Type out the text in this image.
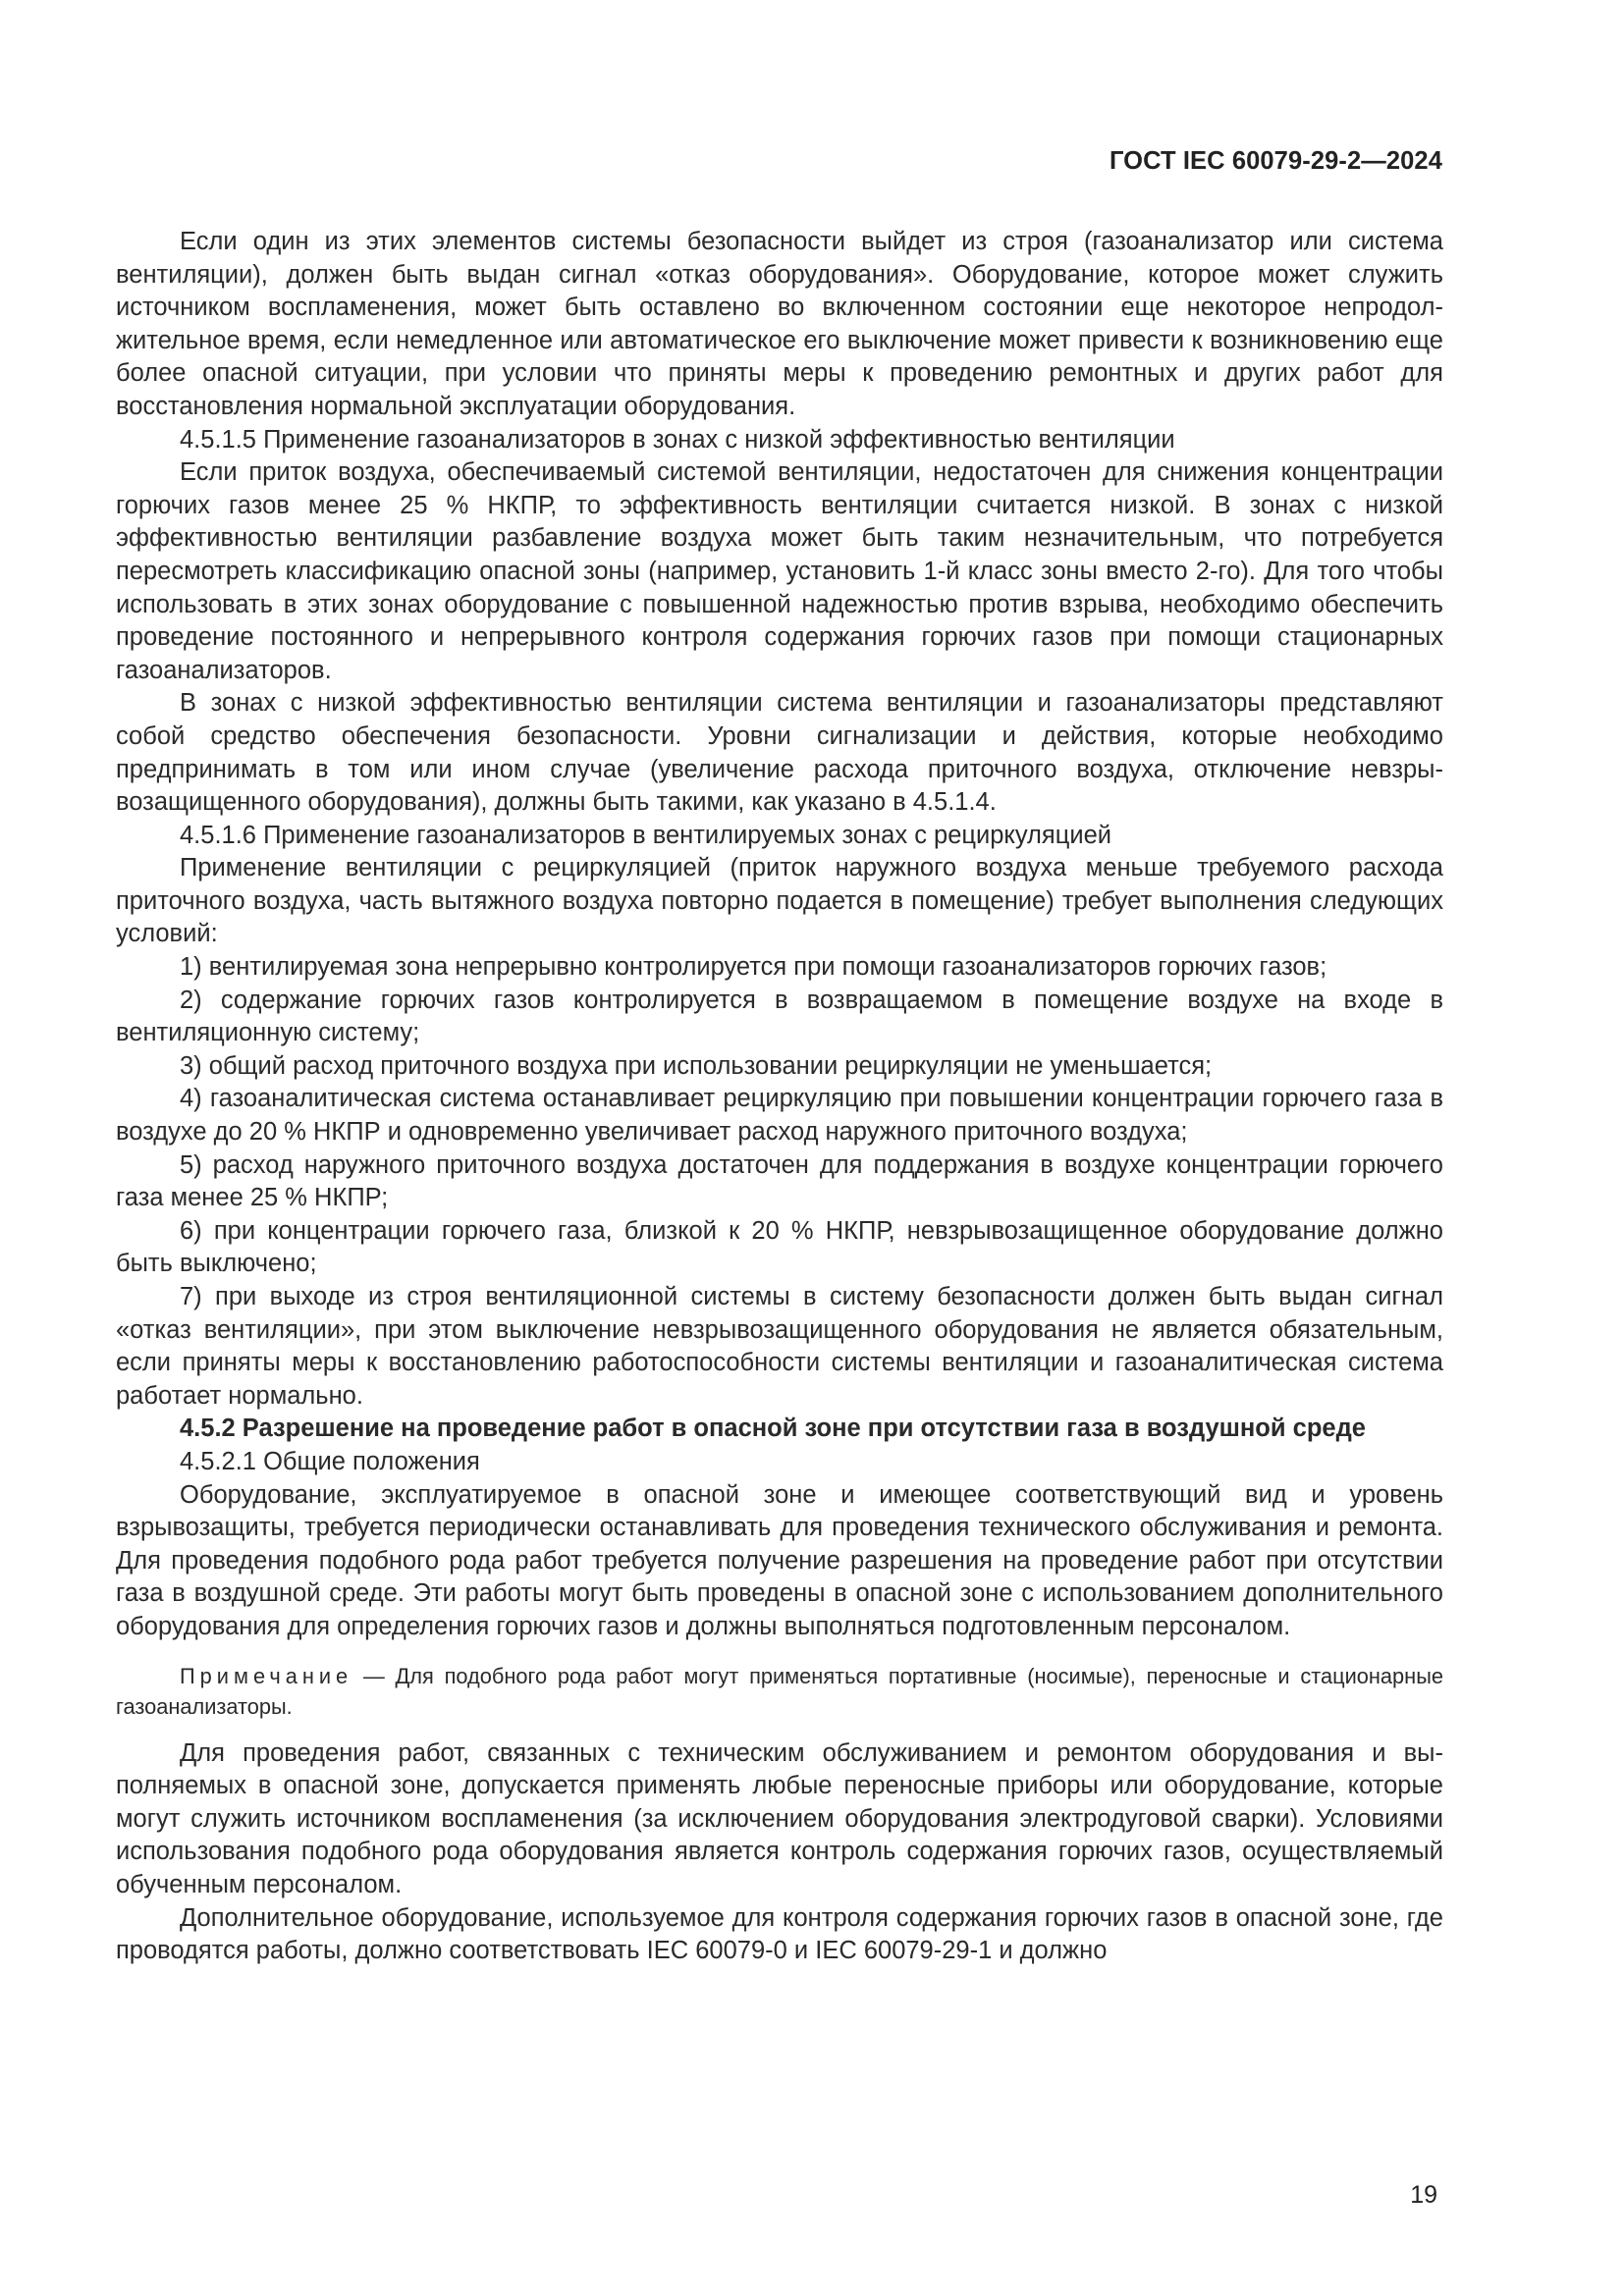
ГОСТ IEC 60079-29-2—2024

Если один из этих элементов системы безопасности выйдет из строя (газоанализатор или система вентиляции), должен быть выдан сигнал «отказ оборудования». Оборудование, которое может служить источником воспламенения, может быть оставлено во включенном состоянии еще некоторое непродолжительное время, если немедленное или автоматическое его выключение может привести к возникновению еще более опасной ситуации, при условии что приняты меры к проведению ремонтных и других работ для восстановления нормальной эксплуатации оборудования.

4.5.1.5 Применение газоанализаторов в зонах с низкой эффективностью вентиляции

Если приток воздуха, обеспечиваемый системой вентиляции, недостаточен для снижения концентрации горючих газов менее 25 % НКПР, то эффективность вентиляции считается низкой. В зонах с низкой эффективностью вентиляции разбавление воздуха может быть таким незначительным, что потребуется пересмотреть классификацию опасной зоны (например, установить 1-й класс зоны вместо 2-го). Для того чтобы использовать в этих зонах оборудование с повышенной надежностью против взрыва, необходимо обеспечить проведение постоянного и непрерывного контроля содержания горючих газов при помощи стационарных газоанализаторов.

В зонах с низкой эффективностью вентиляции система вентиляции и газоанализаторы представляют собой средство обеспечения безопасности. Уровни сигнализации и действия, которые необходимо предпринимать в том или ином случае (увеличение расхода приточного воздуха, отключение невзрывозащищенного оборудования), должны быть такими, как указано в 4.5.1.4.

4.5.1.6 Применение газоанализаторов в вентилируемых зонах с рециркуляцией

Применение вентиляции с рециркуляцией (приток наружного воздуха меньше требуемого расхода приточного воздуха, часть вытяжного воздуха повторно подается в помещение) требует выполнения следующих условий:

1) вентилируемая зона непрерывно контролируется при помощи газоанализаторов горючих газов;

2) содержание горючих газов контролируется в возвращаемом в помещение воздухе на входе в вентиляционную систему;

3) общий расход приточного воздуха при использовании рециркуляции не уменьшается;

4) газоаналитическая система останавливает рециркуляцию при повышении концентрации горючего газа в воздухе до 20 % НКПР и одновременно увеличивает расход наружного приточного воздуха;

5) расход наружного приточного воздуха достаточен для поддержания в воздухе концентрации горючего газа менее 25 % НКПР;

6) при концентрации горючего газа, близкой к 20 % НКПР, невзрывозащищенное оборудование должно быть выключено;

7) при выходе из строя вентиляционной системы в систему безопасности должен быть выдан сигнал «отказ вентиляции», при этом выключение невзрывозащищенного оборудования не является обязательным, если приняты меры к восстановлению работоспособности системы вентиляции и газоаналитическая система работает нормально.

4.5.2 Разрешение на проведение работ в опасной зоне при отсутствии газа в воздушной среде

4.5.2.1 Общие положения

Оборудование, эксплуатируемое в опасной зоне и имеющее соответствующий вид и уровень взрывозащиты, требуется периодически останавливать для проведения технического обслуживания и ремонта. Для проведения подобного рода работ требуется получение разрешения на проведение работ при отсутствии газа в воздушной среде. Эти работы могут быть проведены в опасной зоне с использованием дополнительного оборудования для определения горючих газов и должны выполняться подготовленным персоналом.

Примечание — Для подобного рода работ могут применяться портативные (носимые), переносные и стационарные газоанализаторы.

Для проведения работ, связанных с техническим обслуживанием и ремонтом оборудования и выполняемых в опасной зоне, допускается применять любые переносные приборы или оборудование, которые могут служить источником воспламенения (за исключением оборудования электродуговой сварки). Условиями использования подобного рода оборудования является контроль содержания горючих газов, осуществляемый обученным персоналом.

Дополнительное оборудование, используемое для контроля содержания горючих газов в опасной зоне, где проводятся работы, должно соответствовать IEC 60079-0 и IEC 60079-29-1 и должно

19
